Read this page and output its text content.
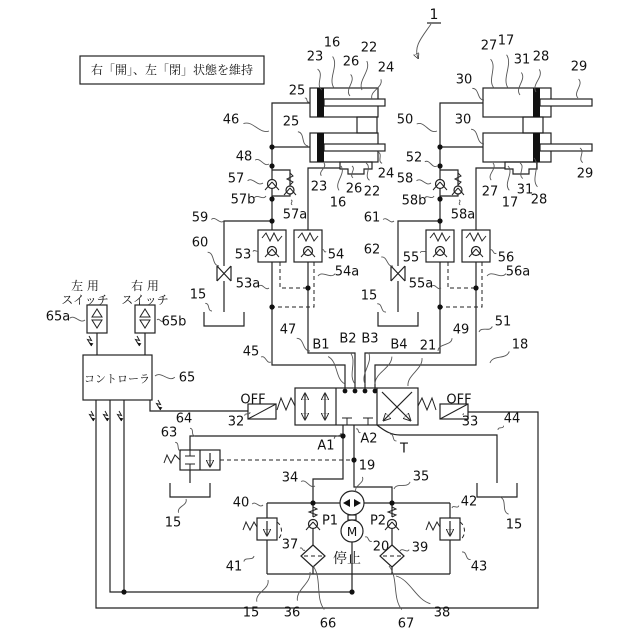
1
右「開」、左「閉」状態を維持
23
16
26
22
24
25
25
46
48
57
57b
57a
59
60
53
53a
54
54a
15
27 17
31 28
29
30
30
50
52
58
58b
58a
61
62
55
55a
56
56a
15
23
16
26 22
24
27
17
31
28
29
47	49
45
51
18
B1 B2 B3 B4 21
OFF	OFF
32	33 44
64
63
A1 A2
T
34	35
19
40	42
P1 P2
M
20
37	39
停止
41	43
15	15
15 36
66	67
38
65a	65b
65
左 用
スイッチ
右 用
スイッチ
コントローラ
